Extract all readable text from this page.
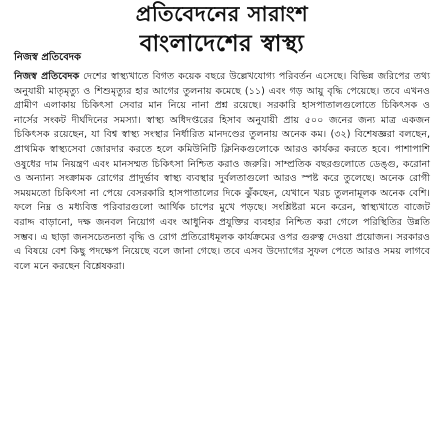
প্রতিবেদনের সারাংশ
বাংলাদেশের স্বাস্থ্য

নিজস্ব প্রতিবেদক

নিজস্ব প্রতিবেদক দেশের স্বাস্থ্যখাতে বিগত কয়েক বছরে উল্লেখযোগ্য পরিবর্তন এসেছে। বিভিন্ন জরিপের তথ্য অনুযায়ী মাতৃমৃত্যু ও শিশুমৃত্যুর হার আগের তুলনায় কমেছে (১১) এবং গড় আয়ু বৃদ্ধি পেয়েছে। তবে এখনও গ্রামীণ এলাকায় চিকিৎসা সেবার মান নিয়ে নানা প্রশ্ন রয়েছে। সরকারি হাসপাতালগুলোতে চিকিৎসক ও নার্সের সংকট দীর্ঘদিনের সমস্যা। স্বাস্থ্য অধিদপ্তরের হিসাব অনুযায়ী প্রায় ৫০০ জনের জন্য মাত্র একজন চিকিৎসক রয়েছেন, যা বিশ্ব স্বাস্থ্য সংস্থার নির্ধারিত মানদণ্ডের তুলনায় অনেক কম। (৩২) বিশেষজ্ঞরা বলছেন, প্রাথমিক স্বাস্থ্যসেবা জোরদার করতে হলে কমিউনিটি ক্লিনিকগুলোকে আরও কার্যকর করতে হবে। পাশাপাশি ওষুধের দাম নিয়ন্ত্রণ এবং মানসম্মত চিকিৎসা নিশ্চিত করাও জরুরি। সাম্প্রতিক বছরগুলোতে ডেঙ্গু, করোনা ও অন্যান্য সংক্রামক রোগের প্রাদুর্ভাব স্বাস্থ্য ব্যবস্থার দুর্বলতাগুলো আরও স্পষ্ট করে তুলেছে। অনেক রোগী সময়মতো চিকিৎসা না পেয়ে বেসরকারি হাসপাতালের দিকে ঝুঁকছেন, যেখানে খরচ তুলনামূলক অনেক বেশি। ফলে নিম্ন ও মধ্যবিত্ত পরিবারগুলো আর্থিক চাপের মুখে পড়ছে। সংশ্লিষ্টরা মনে করেন, স্বাস্থ্যখাতে বাজেট বরাদ্দ বাড়ানো, দক্ষ জনবল নিয়োগ এবং আধুনিক প্রযুক্তির ব্যবহার নিশ্চিত করা গেলে পরিস্থিতির উন্নতি সম্ভব। এ ছাড়া জনসচেতনতা বৃদ্ধি ও রোগ প্রতিরোধমূলক কার্যক্রমের ওপর গুরুত্ব দেওয়া প্রয়োজন। সরকারও এ বিষয়ে বেশ কিছু পদক্ষেপ নিয়েছে বলে জানা গেছে। তবে এসব উদ্যোগের সুফল পেতে আরও সময় লাগবে বলে মনে করছেন বিশ্লেষকরা।
